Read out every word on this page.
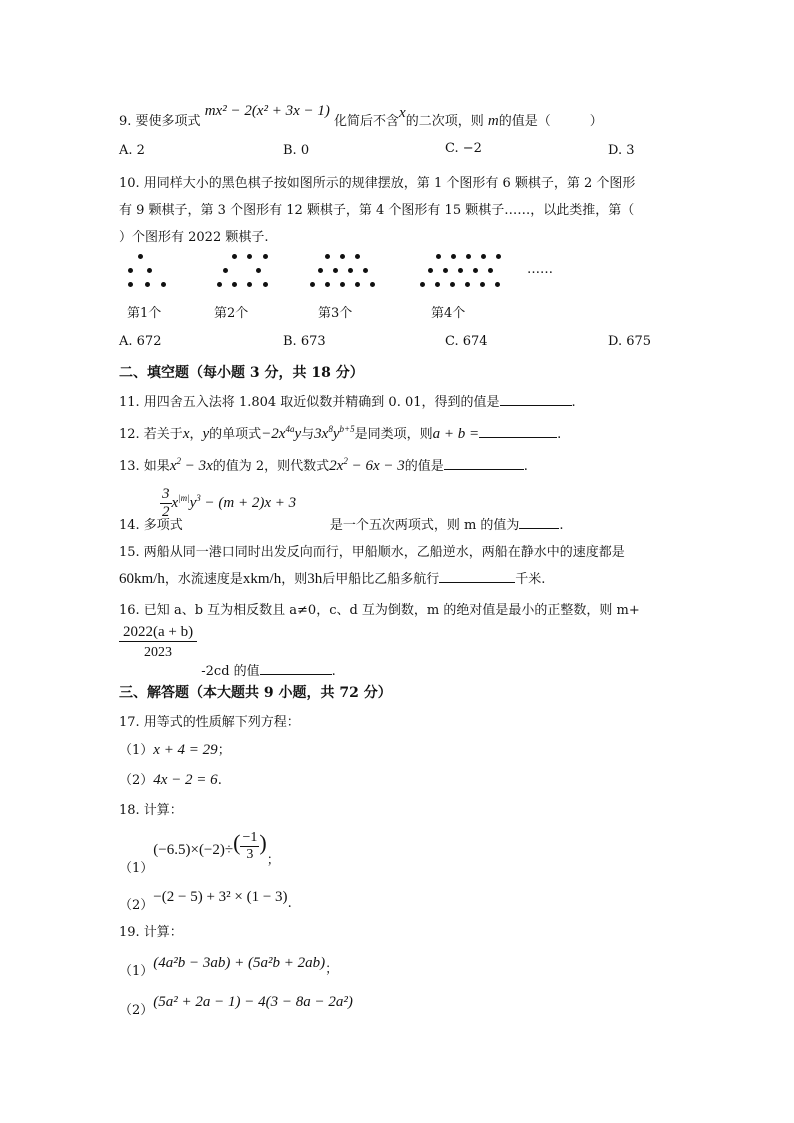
9. 要使多项式 mx² − 2(x² + 3x − 1) 化简后不含x的二次项，则 m的值是（　　　）
A. 2	B. 0	C. −2	D. 3
10. 用同样大小的黑色棋子按如图所示的规律摆放，第 1 个图形有 6 颗棋子，第 2 个图形
有 9 颗棋子，第 3 个图形有 12 颗棋子，第 4 个图形有 15 颗棋子……，以此类推，第（
）个图形有 2022 颗棋子.
……
第1个	第2个	第3个	第4个
A. 672	B. 673	C. 674	D. 675
二、填空题（每小题 3 分，共 18 分）
11. 用四舍五入法将 1.804 取近似数并精确到 0. 01，得到的值是	.
12. 若关于x，y的单项式$-2x^{4a}y$与$3x^8y^{b+5}$是同类项，则a + b =	.
13. 如果$x^2 - 3x$的值为 2，则代数式$2x^2 - 6x - 3$的值是	.
$\frac{3}{2} x^{|m|}y^3 - (m + 2)x + 3$
14. 多项式	是一个五次两项式，则 m 的值为	.
15. 两船从同一港口同时出发反向而行，甲船顺水，乙船逆水，两船在静水中的速度都是
60km/h，水流速度是xkm/h，则3h后甲船比乙船多航行	千米.
16. 已知 a、b 互为相反数且 a≠0，c、d 互为倒数，m 的绝对值是最小的正整数，则 m+
$\frac{2022(a + b)}{2023}$
-2cd 的值	.
三、解答题（本大题共 9 小题，共 72 分）
17. 用等式的性质解下列方程：
（1）x + 4 = 29；
（2）4x − 2 = 6.
18. 计算：
$(1)(-6.5)\times(-2)\div( \frac{-1}{3}$ )；
（2）−(2 − 5) + 3² × (1 − 3).
19. 计算：
（1）(4a²b − 3ab) + (5a²b + 2ab)；
（2）(5a² + 2a − 1) − 4(3 − 8a − 2a²)
